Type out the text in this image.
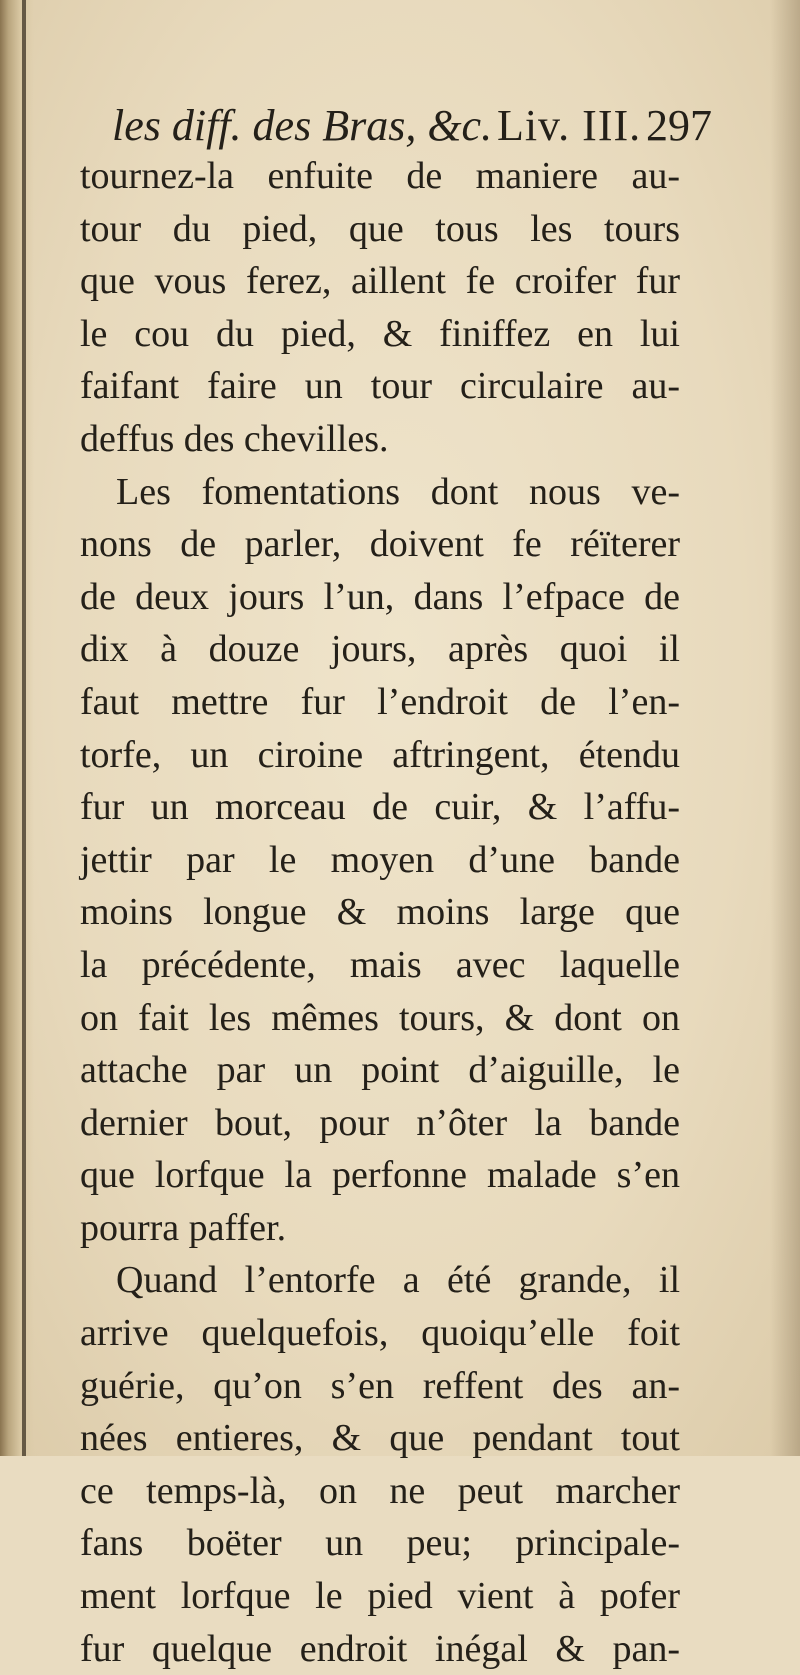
les diff. des Bras, &c. Liv. III. 297
tournez-la enfuite de maniere au-
tour du pied, que tous les tours
que vous ferez, aillent fe croifer fur
le cou du pied, & finiffez en lui
faifant faire un tour circulaire au-
deffus des chevilles.
Les fomentations dont nous ve-
nons de parler, doivent fe réïterer
de deux jours l’un, dans l’efpace de
dix à douze jours, après quoi il
faut mettre fur l’endroit de l’en-
torfe, un ciroine aftringent, étendu
fur un morceau de cuir, & l’affu-
jettir par le moyen d’une bande
moins longue & moins large que
la précédente, mais avec laquelle
on fait les mêmes tours, & dont on
attache par un point d’aiguille, le
dernier bout, pour n’ôter la bande
que lorfque la perfonne malade s’en
pourra paffer.
Quand l’entorfe a été grande, il
arrive quelquefois, quoiqu’elle foit
guérie, qu’on s’en reffent des an-
nées entieres, & que pendant tout
ce temps-là, on ne peut marcher
fans boëter un peu; principale-
ment lorfque le pied vient à pofer
fur quelque endroit inégal & pan-
